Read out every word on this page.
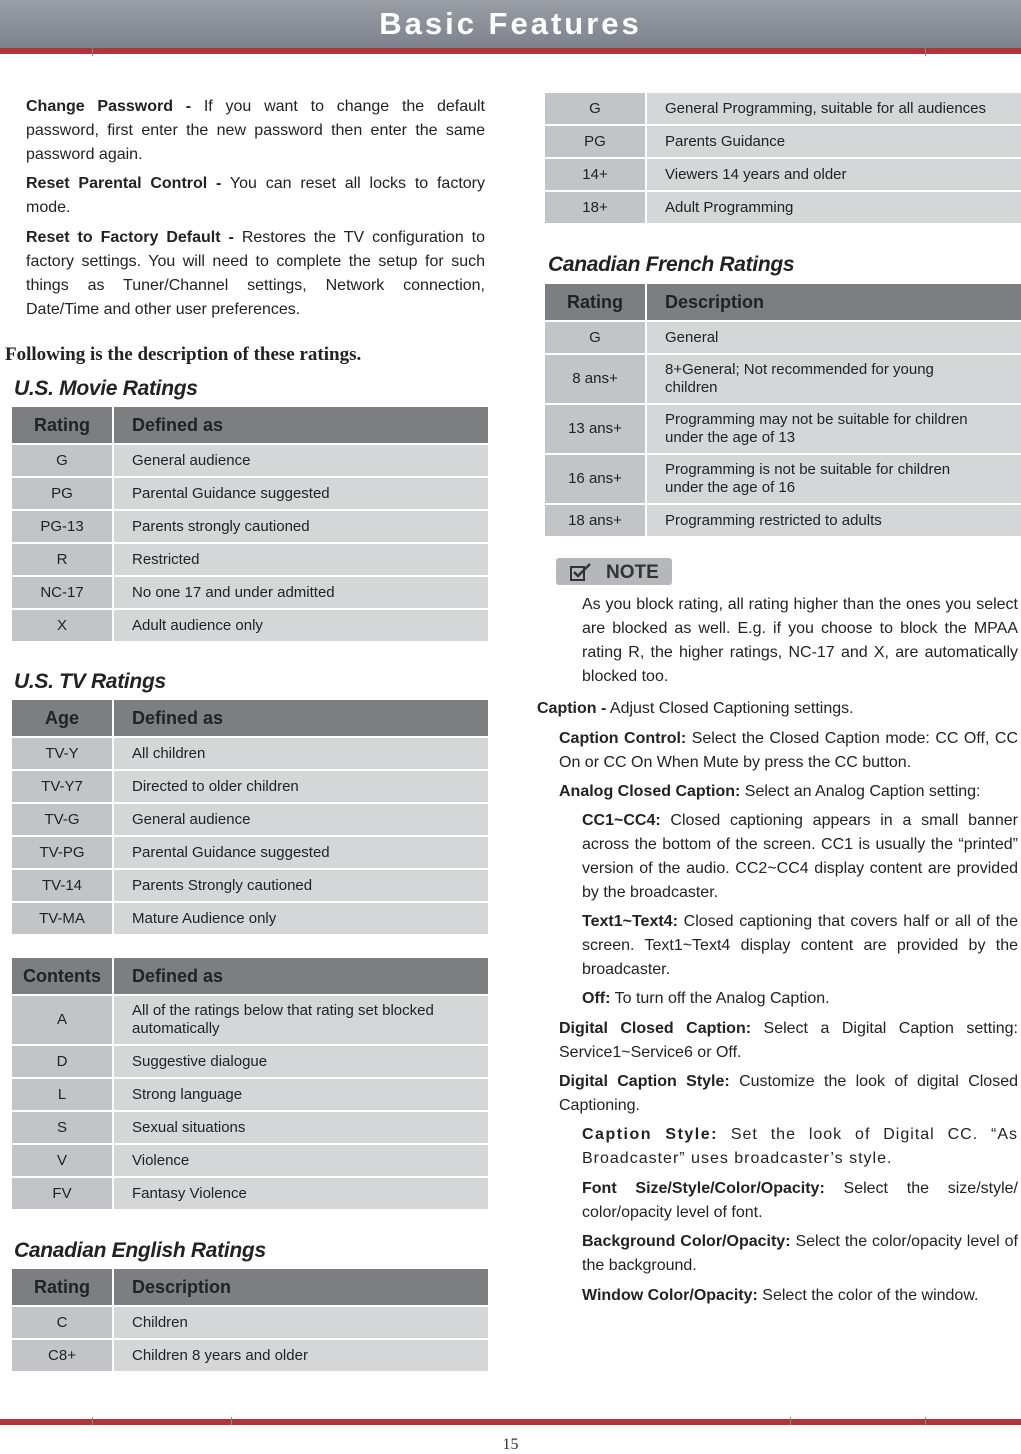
Basic Features

Change Password - If you want to change the default password, first enter the new password then enter the same password again.

Reset Parental Control - You can reset all locks to factory mode.

Reset to Factory Default - Restores the TV configuration to factory settings. You will need to complete the setup for such things as Tuner/Channel settings, Network connection, Date/Time and other user preferences.

Following is the description of these ratings.
U.S. Movie Ratings
Rating	Defined as
G	General audience
PG	Parental Guidance suggested
PG-13	Parents strongly cautioned
R	Restricted
NC-17	No one 17 and under admitted
X	Adult audience only
U.S. TV Ratings
Age	Defined as
TV-Y	All children
TV-Y7	Directed to older children
TV-G	General audience
TV-PG	Parental Guidance suggested
TV-14	Parents Strongly cautioned
TV-MA	Mature Audience only
Contents	Defined as
A	All of the ratings below that rating set blocked automatically
D	Suggestive dialogue
L	Strong language
S	Sexual situations
V	Violence
FV	Fantasy Violence
Canadian English Ratings
Rating	Description
C	Children
C8+	Children 8 years and older
G	General Programming, suitable for all audiences
PG	Parents Guidance
14+	Viewers 14 years and older
18+	Adult Programming
Canadian French Ratings
Rating	Description
G	General
8 ans+	8+General; Not recommended for young children
13 ans+	Programming may not be suitable for children under the age of 13
16 ans+	Programming is not be suitable for children under the age of 16
18 ans+	Programming restricted to adults
NOTE

As you block rating, all rating higher than the ones you select are blocked as well. E.g. if you choose to block the MPAA rating R, the higher ratings, NC-17 and X, are automatically blocked too.

Caption - Adjust Closed Captioning settings.

Caption Control: Select the Closed Caption mode: CC Off, CC On or CC On When Mute by press the CC button.

Analog Closed Caption: Select an Analog Caption setting:

CC1~CC4: Closed captioning appears in a small banner across the bottom of the screen. CC1 is usually the “printed” version of the audio. CC2~CC4 display content are provided by the broadcaster.

Text1~Text4: Closed captioning that covers half or all of the screen. Text1~Text4 display content are provided by the broadcaster.

Off: To turn off the Analog Caption.

Digital Closed Caption: Select a Digital Caption setting: Service1~Service6 or Off.

Digital Caption Style: Customize the look of digital Closed Captioning.

Caption Style: Set the look of Digital CC. “As Broadcaster” uses broadcaster’s style.

Font Size/Style/Color/Opacity: Select the size/style/ color/opacity level of font.

Background Color/Opacity: Select the color/opacity level of the background.

Window Color/Opacity: Select the color of the window.

15
